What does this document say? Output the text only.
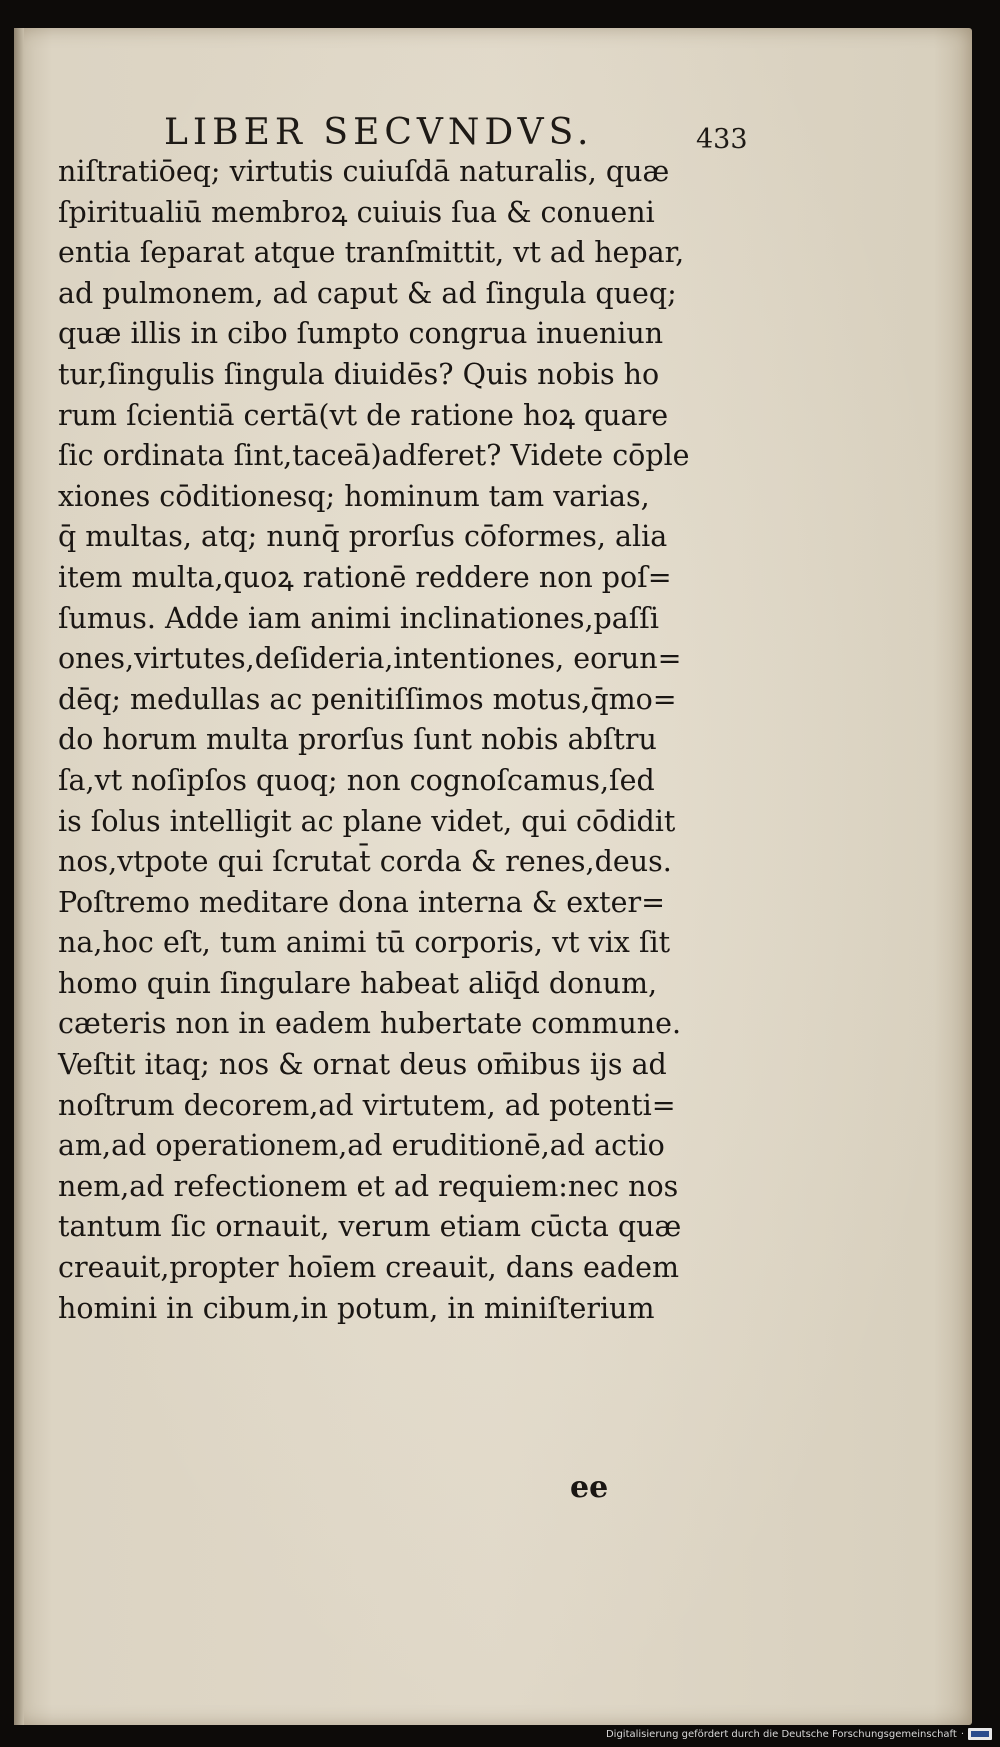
LIBER SECVNDVS.	433
niſtratiōeq; virtutis cuiuſdā naturalis, quæ
ſpiritualiū membroꝝ cuiuis ſua & conueni
entia ſeparat atque tranſmittit, vt ad hepar,
ad pulmonem, ad caput & ad ſingula queq;
quæ illis in cibo ſumpto congrua inueniun
tur,ſingulis ſingula diuidēs? Quis nobis ho
rum ſcientiā certā(vt de ratione hoꝝ quare
ſic ordinata ſint,taceā)adferet? Videte cōple
xiones cōditionesq; hominum tam varias,
q̄ multas, atq; nunq̄ prorſus cōformes, alia
item multa,quoꝝ rationē reddere non poſ=
ſumus. Adde iam animi inclinationes,paſſi
ones,virtutes,deſideria,intentiones, eorun=
dēq; medullas ac penitiſſimos motus,q̄mo=
do horum multa prorſus ſunt nobis abſtru
ſa,vt noſipſos quoq; non cognoſcamus,ſed
is ſolus intelligit ac plane videt, qui cōdidit
nos,vtpote qui ſcrutat̄ corda & renes,deus.
Poſtremo meditare dona interna & exter=
na,hoc eſt, tum animi tū corporis, vt vix ſit
homo quin ſingulare habeat aliq̄d donum,
cæteris non in eadem hubertate commune.
Veſtit itaq; nos & ornat deus om̄ibus ijs ad
noſtrum decorem,ad virtutem, ad potenti=
am,ad operationem,ad eruditionē,ad actio
nem,ad refectionem et ad requiem:nec nos
tantum ſic ornauit, verum etiam cūcta quæ
creauit,propter hoīem creauit, dans eadem
homini in cibum,in potum, in miniſterium
ee
Digitalisierung gefördert durch die Deutsche Forschungsgemeinschaft ·
